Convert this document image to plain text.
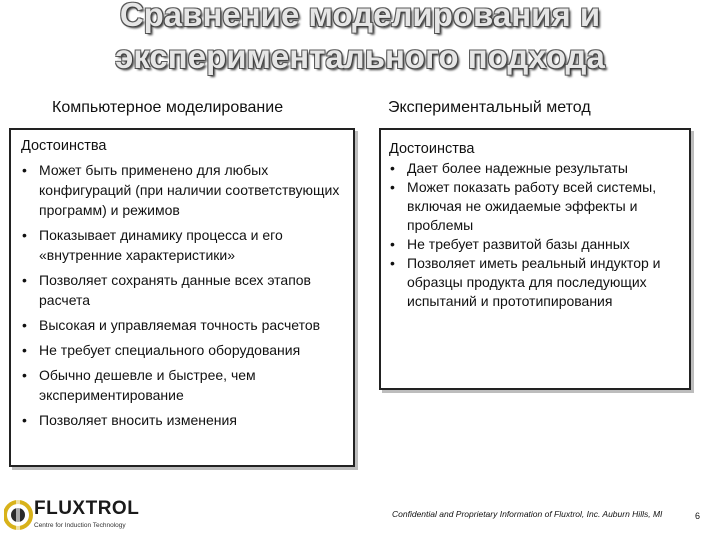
Сравнение моделирования и
экспериментального подхода
Компьютерное моделирование	Экспериментальный метод
Достоинства
• Может быть применено для любых конфигураций (при наличии соответствующих программ) и режимов
• Показывает динамику процесса и его «внутренние характеристики»
• Позволяет сохранять данные всех этапов расчета
• Высокая и управляемая точность расчетов
• Не требует специального оборудования
• Обычно дешевле и быстрее, чем экспериментирование
• Позволяет вносить изменения
Достоинства
• Дает более надежные результаты
• Может показать работу всей системы, включая не ожидаемые эффекты и проблемы
• Не требует развитой базы данных
• Позволяет иметь реальный индуктор и образцы продукта для последующих испытаний и прототипирования
FLUXTROL
Centre for Induction Technology
Confidential and Proprietary Information of Fluxtrol, Inc. Auburn Hills, MI	6
